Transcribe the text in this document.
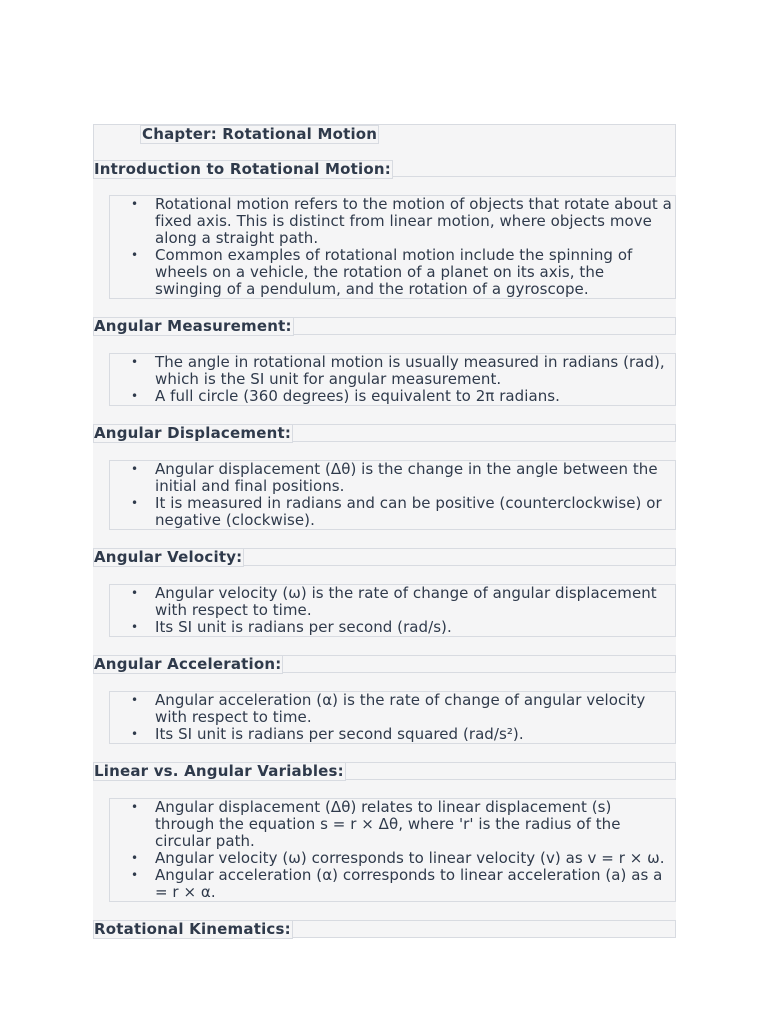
Chapter: Rotational Motion
Introduction to Rotational Motion:
• Rotational motion refers to the motion of objects that rotate about a fixed axis. This is distinct from linear motion, where objects move along a straight path.
• Common examples of rotational motion include the spinning of wheels on a vehicle, the rotation of a planet on its axis, the swinging of a pendulum, and the rotation of a gyroscope.
Angular Measurement:
• The angle in rotational motion is usually measured in radians (rad), which is the SI unit for angular measurement.
• A full circle (360 degrees) is equivalent to 2π radians.
Angular Displacement:
• Angular displacement (Δθ) is the change in the angle between the initial and final positions.
• It is measured in radians and can be positive (counterclockwise) or negative (clockwise).
Angular Velocity:
• Angular velocity (ω) is the rate of change of angular displacement with respect to time.
• Its SI unit is radians per second (rad/s).
Angular Acceleration:
• Angular acceleration (α) is the rate of change of angular velocity with respect to time.
• Its SI unit is radians per second squared (rad/s²).
Linear vs. Angular Variables:
• Angular displacement (Δθ) relates to linear displacement (s) through the equation s = r × Δθ, where 'r' is the radius of the circular path.
• Angular velocity (ω) corresponds to linear velocity (v) as v = r × ω.
• Angular acceleration (α) corresponds to linear acceleration (a) as a = r × α.
Rotational Kinematics:
